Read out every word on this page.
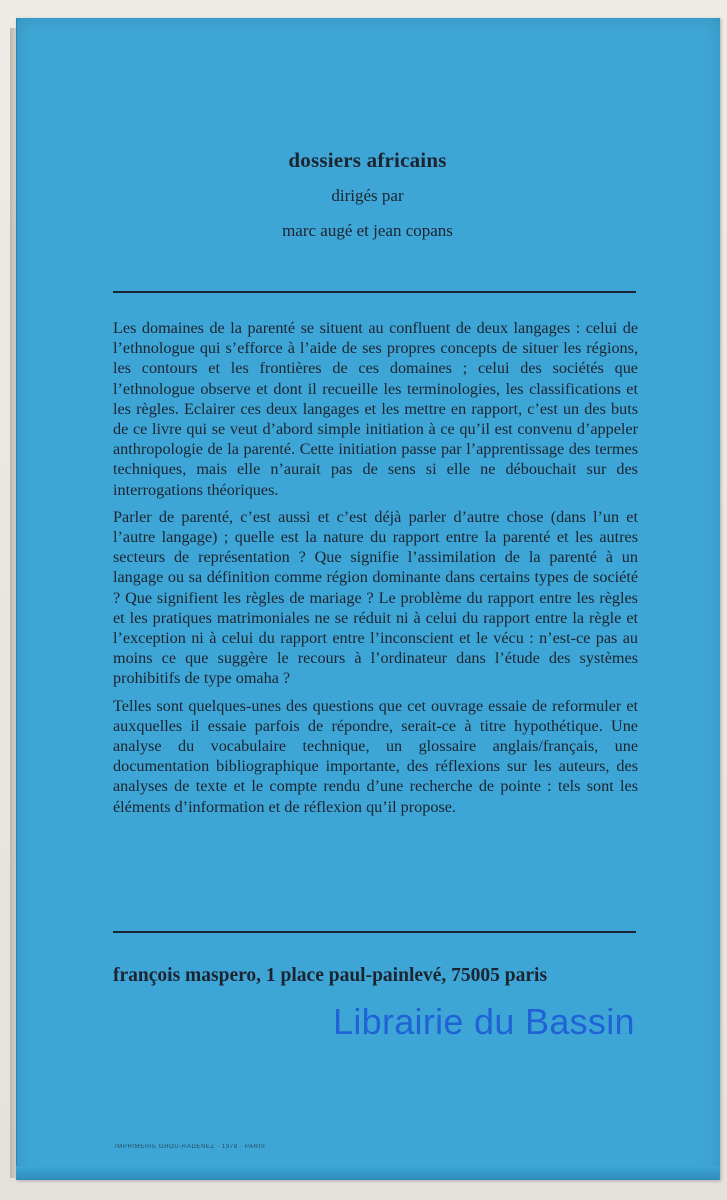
dossiers africains
dirigés par
marc augé et jean copans

Les domaines de la parenté se situent au confluent de deux langages : celui de l’ethnologue qui s’efforce à l’aide de ses propres concepts de situer les régions, les contours et les frontières de ces domaines ; celui des sociétés que l’ethnologue observe et dont il recueille les terminologies, les classifications et les règles. Eclairer ces deux langages et les mettre en rapport, c’est un des buts de ce livre qui se veut d’abord simple initiation à ce qu’il est convenu d’appeler anthropologie de la parenté. Cette initiation passe par l’apprentissage des termes techniques, mais elle n’aurait pas de sens si elle ne débouchait sur des interrogations théoriques.

Parler de parenté, c’est aussi et c’est déjà parler d’autre chose (dans l’un et l’autre langage) ; quelle est la nature du rapport entre la parenté et les autres secteurs de représentation ? Que signifie l’assimilation de la parenté à un langage ou sa définition comme région dominante dans certains types de société ? Que signifient les règles de mariage ? Le problème du rapport entre les règles et les pratiques matrimoniales ne se réduit ni à celui du rapport entre la règle et l’exception ni à celui du rapport entre l’inconscient et le vécu : n’est-ce pas au moins ce que suggère le recours à l’ordinateur dans l’étude des systèmes prohibitifs de type omaha ?

Telles sont quelques-unes des questions que cet ouvrage essaie de reformuler et auxquelles il essaie parfois de répondre, serait-ce à titre hypothétique. Une analyse du vocabulaire technique, un glossaire anglais/français, une documentation bibliographique importante, des réflexions sur les auteurs, des analyses de texte et le compte rendu d’une recherche de pointe : tels sont les éléments d’information et de réflexion qu’il propose.

françois maspero, 1 place paul-painlevé, 75005 paris
Librairie du Bassin
IMPRIMERIE GROU-RADENEZ · 1978 · PARIS
